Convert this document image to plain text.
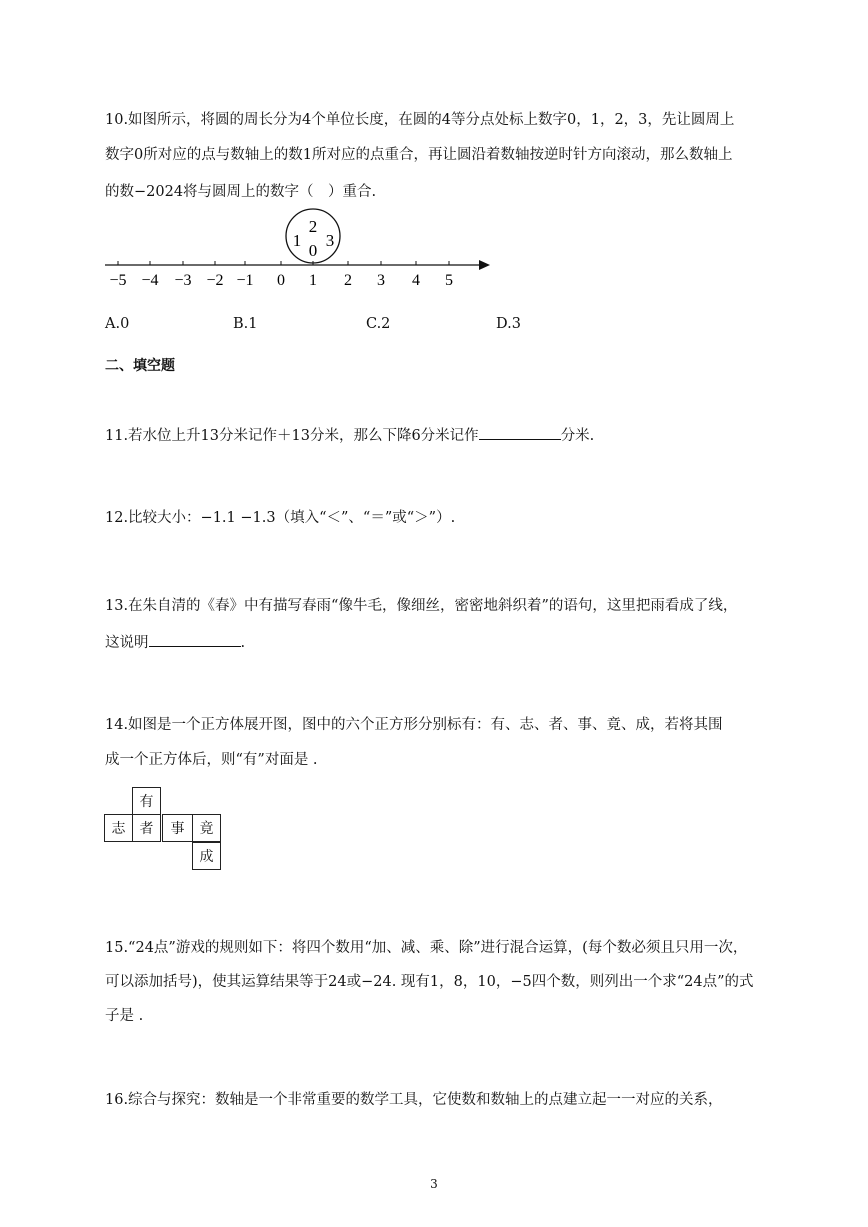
10.如图所示，将圆的周长分为4个单位长度，在圆的4等分点处标上数字0，1，2，3，先让圆周上
数字0所对应的点与数轴上的数1所对应的点重合，再让圆沿着数轴按逆时针方向滚动，那么数轴上
的数−2024将与圆周上的数字（　）重合.
2
1 3
0
−5 −4 −3 −2 −1 0 1 2 3 4 5
A.0	B.1	C.2	D.3
二、填空题
11.若水位上升13分米记作＋13分米，那么下降6分米记作	分米.
12.比较大小：−1.1 −1.3（填入“＜”、“＝”或“＞”）.
13.在朱自清的《春》中有描写春雨“像牛毛，像细丝，密密地斜织着”的语句，这里把雨看成了线，
这说明	.
14.如图是一个正方体展开图，图中的六个正方形分别标有：有、志、者、事、竟、成，若将其围
成一个正方体后，则“有”对面是 .
有
志	者	事	竟
成
15.“24点”游戏的规则如下：将四个数用“加、减、乘、除”进行混合运算，(每个数必须且只用一次，
可以添加括号)，使其运算结果等于24或−24. 现有1，8，10，−5四个数，则列出一个求“24点”的式
子是 .
16.综合与探究：数轴是一个非常重要的数学工具，它使数和数轴上的点建立起一一对应的关系，
3
